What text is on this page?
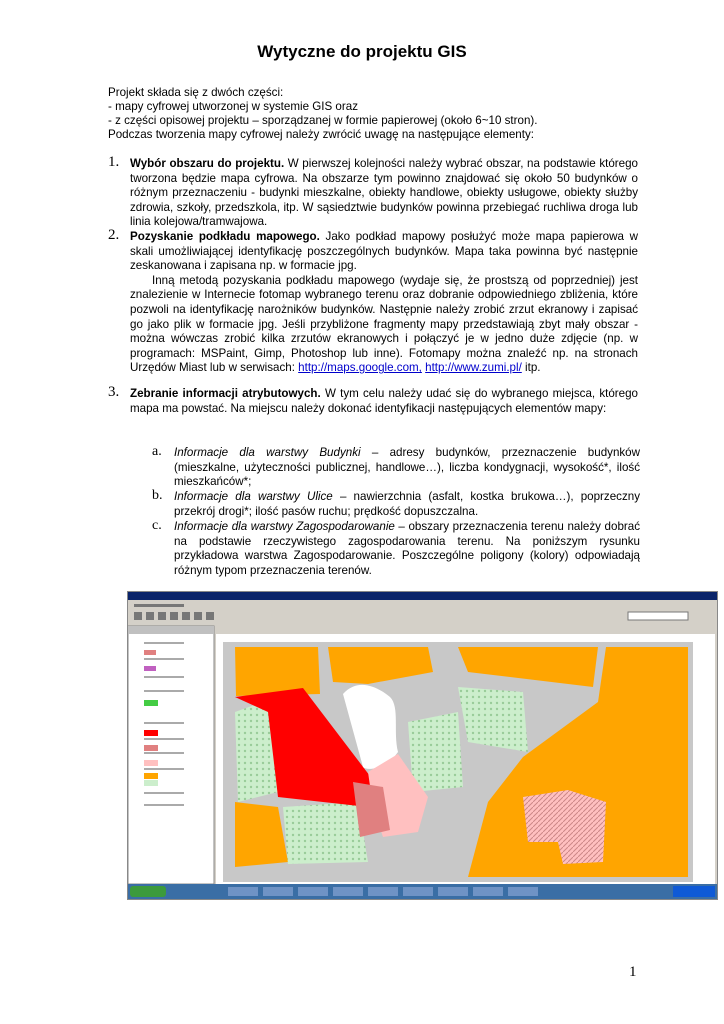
Wytyczne do projektu GIS
Projekt składa się z dwóch części:
- mapy cyfrowej utworzonej w systemie GIS oraz
- z części opisowej projektu – sporządzanej w formie papierowej (około 6~10 stron).
Podczas tworzenia mapy cyfrowej należy zwrócić uwagę na następujące elementy:
1. Wybór obszaru do projektu. W pierwszej kolejności należy wybrać obszar, na podstawie którego tworzona będzie mapa cyfrowa. Na obszarze tym powinno znajdować się około 50 budynków o różnym przeznaczeniu - budynki mieszkalne, obiekty handlowe, obiekty usługowe, obiekty służby zdrowia, szkoły, przedszkola, itp. W sąsiedztwie budynków powinna przebiegać ruchliwa droga lub linia kolejowa/tramwajowa.
2. Pozyskanie podkładu mapowego. Jako podkład mapowy posłużyć może mapa papierowa w skali umożliwiającej identyfikację poszczególnych budynków. Mapa taka powinna być następnie zeskanowana i zapisana np. w formacie jpg.
Inną metodą pozyskania podkładu mapowego (wydaje się, że prostszą od poprzedniej) jest znalezienie w Internecie fotomap wybranego terenu oraz dobranie odpowiedniego zbliżenia, które pozwoli na identyfikację narożników budynków. Następnie należy zrobić zrzut ekranowy i zapisać go jako plik w formacie jpg. Jeśli przybliżone fragmenty mapy przedstawiają zbyt mały obszar - można wówczas zrobić kilka zrzutów ekranowych i połączyć je w jedno duże zdjęcie (np. w programach: MSPaint, Gimp, Photoshop lub inne). Fotomapy można znaleźć np. na stronach Urzędów Miast lub w serwisach: http://maps.google.com, http://www.zumi.pl/ itp.
3. Zebranie informacji atrybutowych. W tym celu należy udać się do wybranego miejsca, którego mapa ma powstać. Na miejscu należy dokonać identyfikacji następujących elementów mapy:
a. Informacje dla warstwy Budynki – adresy budynków, przeznaczenie budynków (mieszkalne, użyteczności publicznej, handlowe…), liczba kondygnacji, wysokość*, ilość mieszkańców*;
b. Informacje dla warstwy Ulice – nawierzchnia (asfalt, kostka brukowa…), poprzeczny przekrój drogi*; ilość pasów ruchu; prędkość dopuszczalna.
c. Informacje dla warstwy Zagospodarowanie – obszary przeznaczenia terenu należy dobrać na podstawie rzeczywistego zagospodarowania terenu. Na poniższym rysunku przykładowa warstwa Zagospodarowanie. Poszczególne poligony (kolory) odpowiadają różnym typom przeznaczenia terenów.
1
